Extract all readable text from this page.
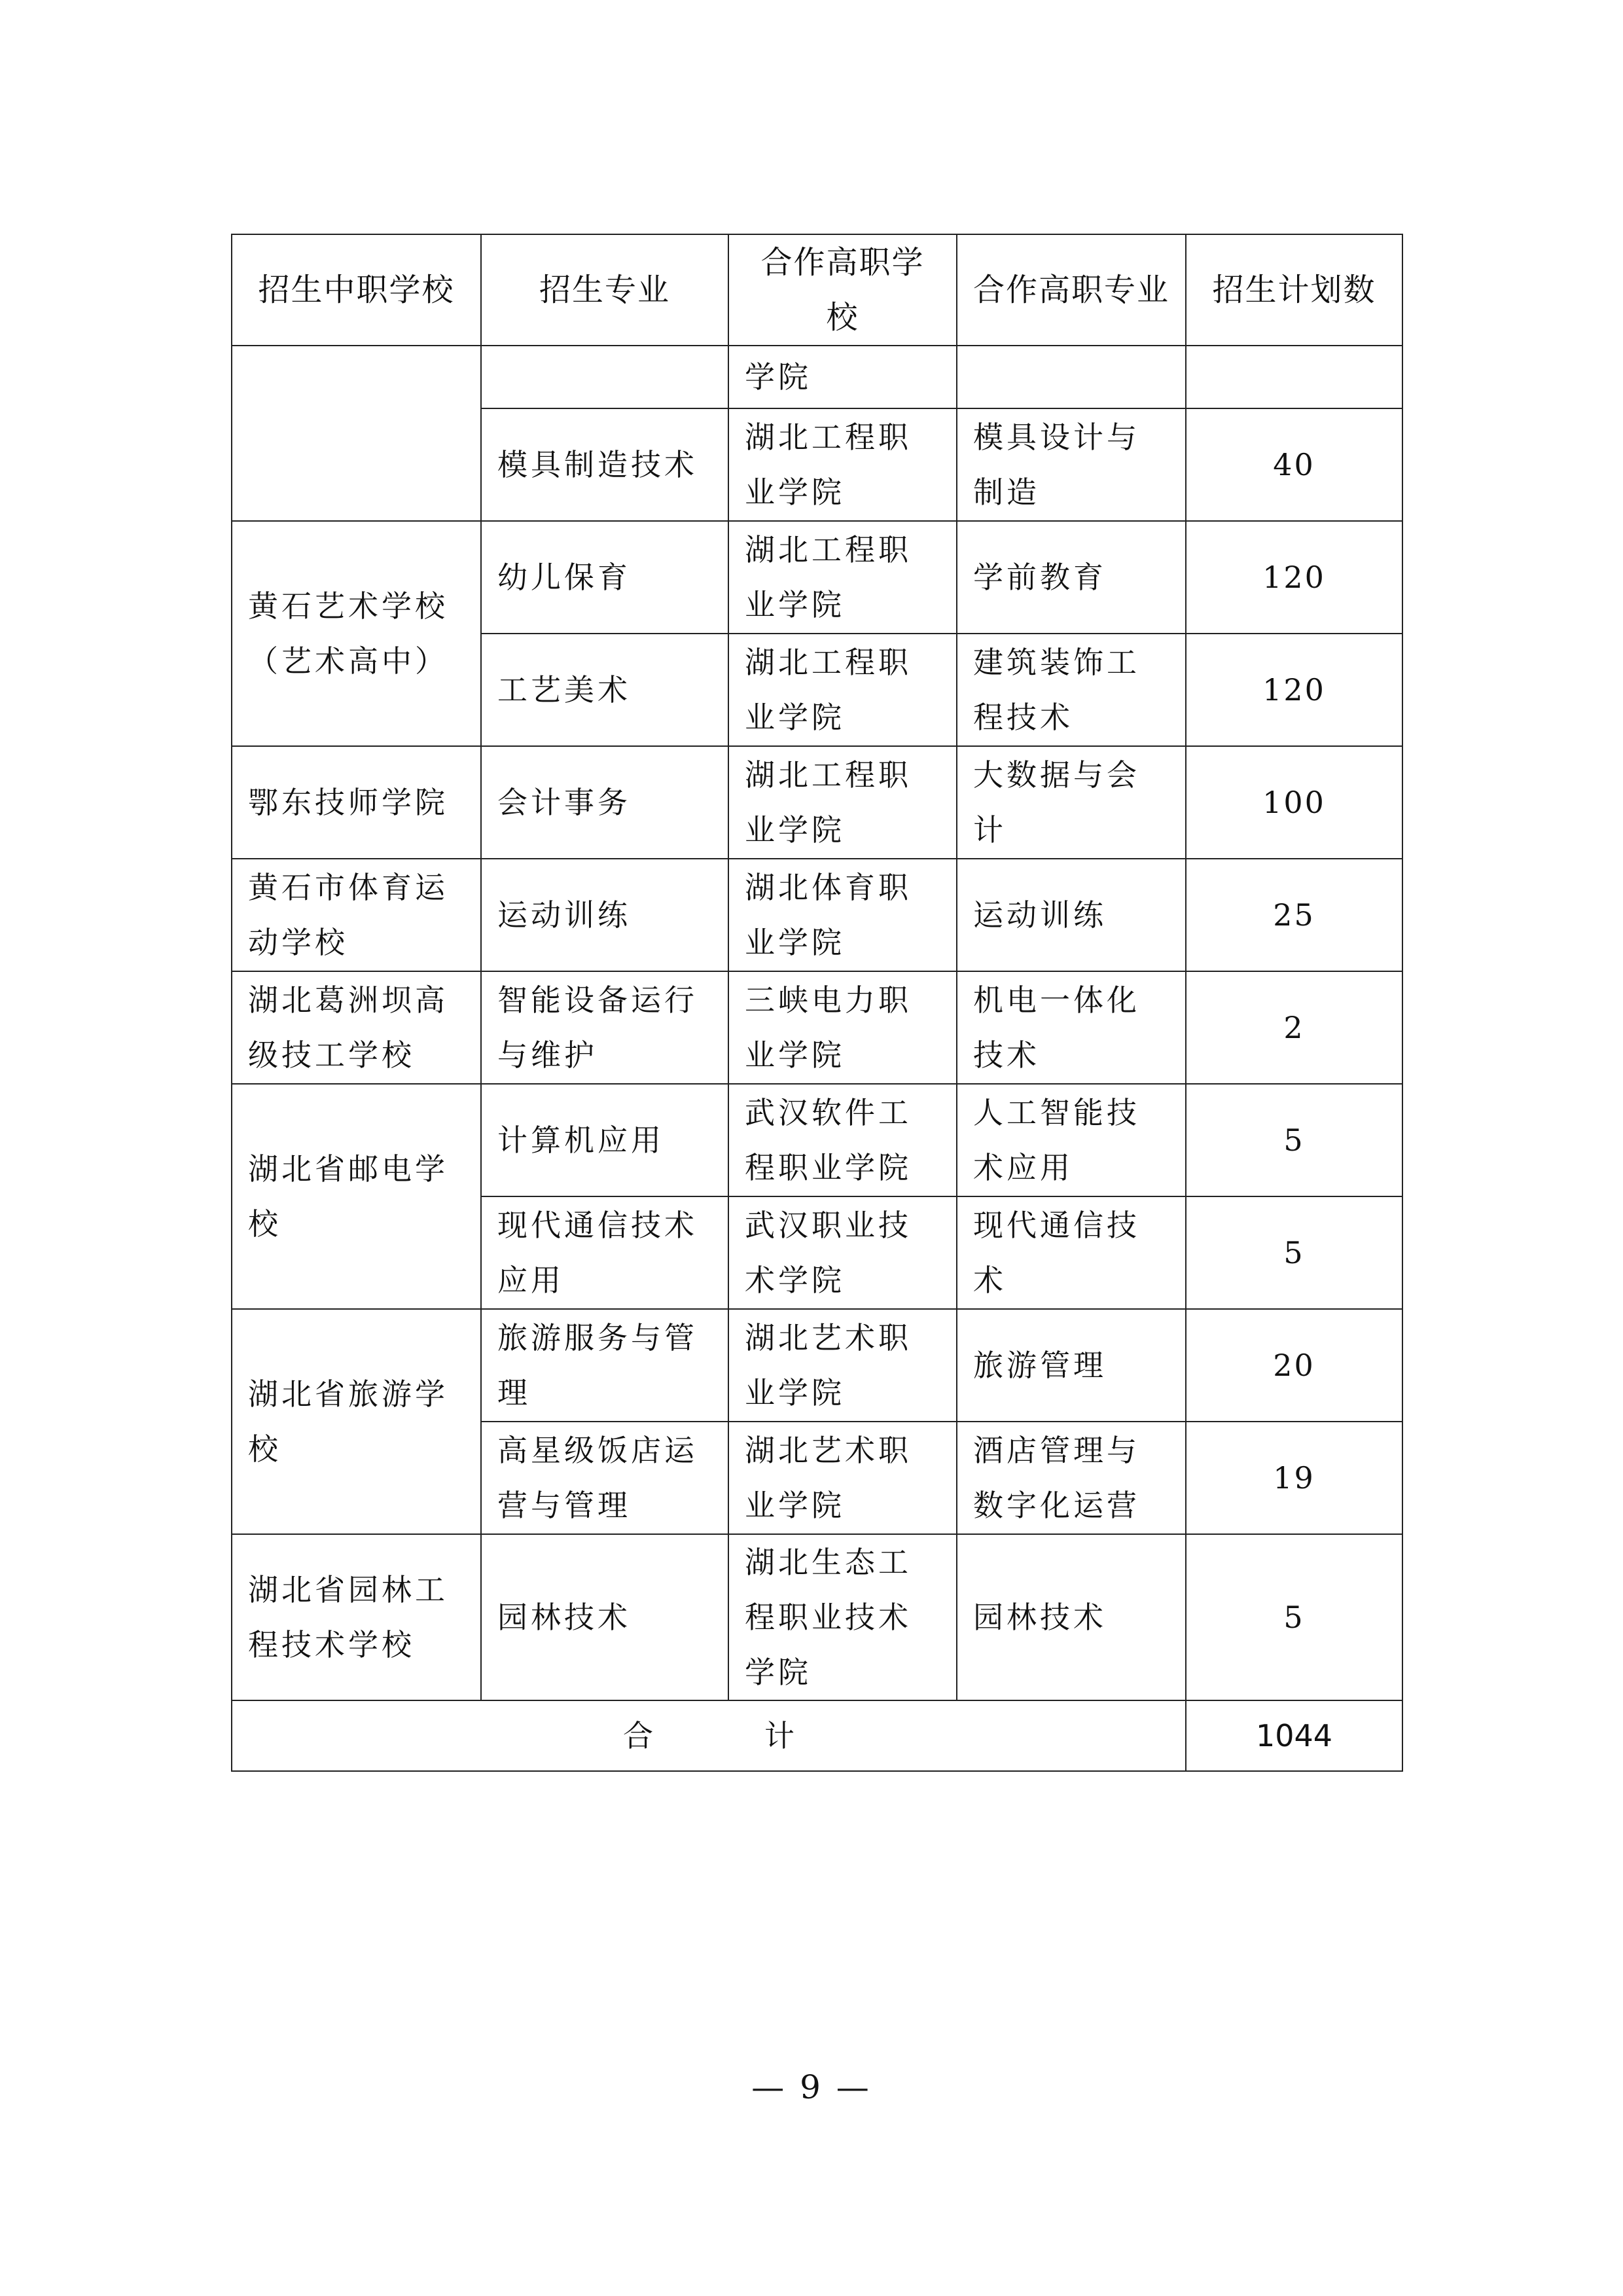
招生中职学校	招生专业	合作高职学校	合作高职专业	招生计划数
		学院		
	模具制造技术	湖北工程职业学院	模具设计与制造	40
黄石艺术学校（艺术高中）	幼儿保育	湖北工程职业学院	学前教育	120
	工艺美术	湖北工程职业学院	建筑装饰工程技术	120
鄂东技师学院	会计事务	湖北工程职业学院	大数据与会计	100
黄石市体育运动学校	运动训练	湖北体育职业学院	运动训练	25
湖北葛洲坝高级技工学校	智能设备运行与维护	三峡电力职业学院	机电一体化技术	2
湖北省邮电学校	计算机应用	武汉软件工程职业学院	人工智能技术应用	5
	现代通信技术应用	武汉职业技术学院	现代通信技术	5
湖北省旅游学校	旅游服务与管理	湖北艺术职业学院	旅游管理	20
	高星级饭店运营与管理	湖北艺术职业学院	酒店管理与数字化运营	19
湖北省园林工程技术学校	园林技术	湖北生态工程职业技术学院	园林技术	5
合 计				1044
— 9 —
